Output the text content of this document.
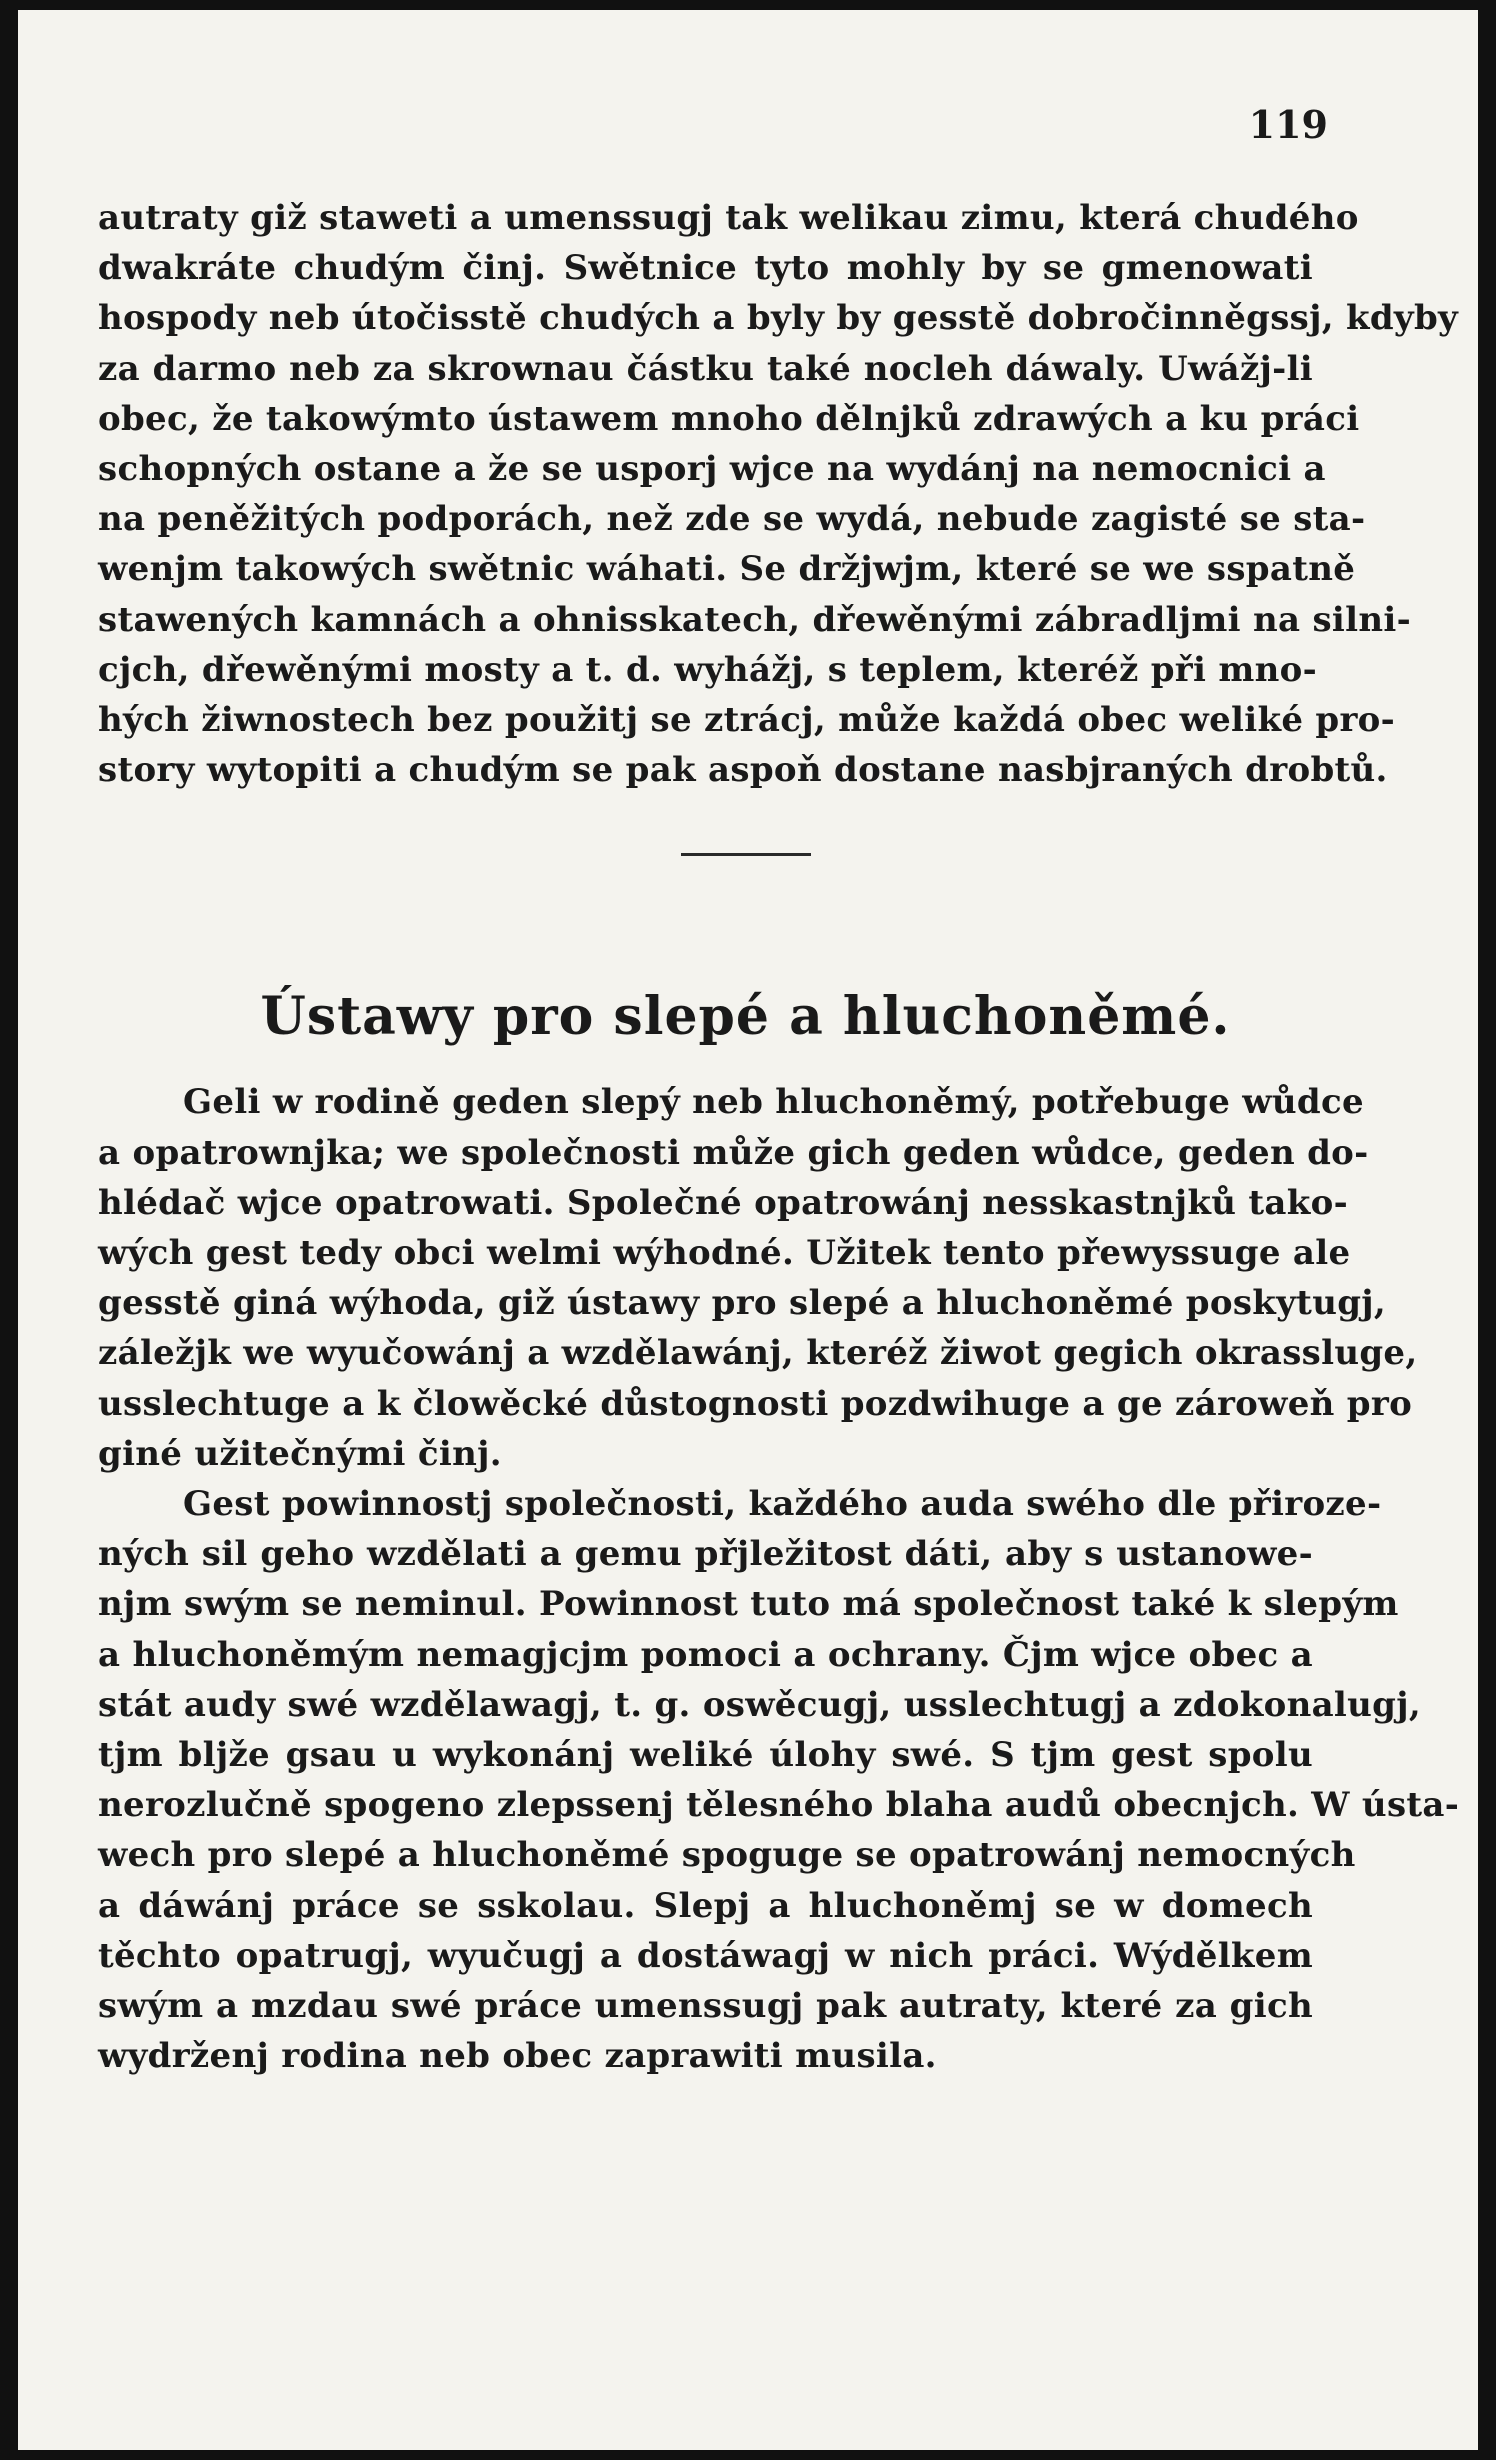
119
autraty giž staweti a umenssugj tak welikau zimu, která chudého
dwakráte chudým činj. Swětnice tyto mohly by se gmenowati
hospody neb útočisstě chudých a byly by gesstě dobročinněgssj, kdyby
za darmo neb za skrownau částku také nocleh dáwaly. Uwážj-li
obec, že takowýmto ústawem mnoho dělnjků zdrawých a ku práci
schopných ostane a že se usporj wjce na wydánj na nemocnici a
na peněžitých podporách, než zde se wydá, nebude zagisté se sta-
wenjm takowých swětnic wáhati. Se držjwjm, které se we sspatně
stawených kamnách a ohnisskatech, dřewěnými zábradljmi na silni-
cjch, dřewěnými mosty a t. d. wyhážj, s teplem, kteréž při mno-
hých žiwnostech bez použitj se ztrácj, může každá obec weliké pro-
story wytopiti a chudým se pak aspoň dostane nasbjraných drobtů.
Ústawy pro slepé a hluchoněmé.
Geli w rodině geden slepý neb hluchoněmý, potřebuge wůdce
a opatrownjka; we společnosti může gich geden wůdce, geden do-
hlédač wjce opatrowati. Společné opatrowánj nesskastnjků tako-
wých gest tedy obci welmi wýhodné. Užitek tento přewyssuge ale
gesstě giná wýhoda, giž ústawy pro slepé a hluchoněmé poskytugj,
záležjk we wyučowánj a wzdělawánj, kteréž žiwot gegich okrassluge,
usslechtuge a k člowěcké důstognosti pozdwihuge a ge zároweň pro
giné užitečnými činj.
Gest powinnostj společnosti, každého auda swého dle přiroze-
ných sil geho wzdělati a gemu přjležitost dáti, aby s ustanowe-
njm swým se neminul. Powinnost tuto má společnost také k slepým
a hluchoněmým nemagjcjm pomoci a ochrany. Čjm wjce obec a
stát audy swé wzdělawagj, t. g. oswěcugj, usslechtugj a zdokonalugj,
tjm bljže gsau u wykonánj weliké úlohy swé. S tjm gest spolu
nerozlučně spogeno zlepssenj tělesného blaha audů obecnjch. W ústa-
wech pro slepé a hluchoněmé spoguge se opatrowánj nemocných
a dáwánj práce se sskolau. Slepj a hluchoněmj se w domech
těchto opatrugj, wyučugj a dostáwagj w nich práci. Wýdělkem
swým a mzdau swé práce umenssugj pak autraty, které za gich
wydrženj rodina neb obec zaprawiti musila.
